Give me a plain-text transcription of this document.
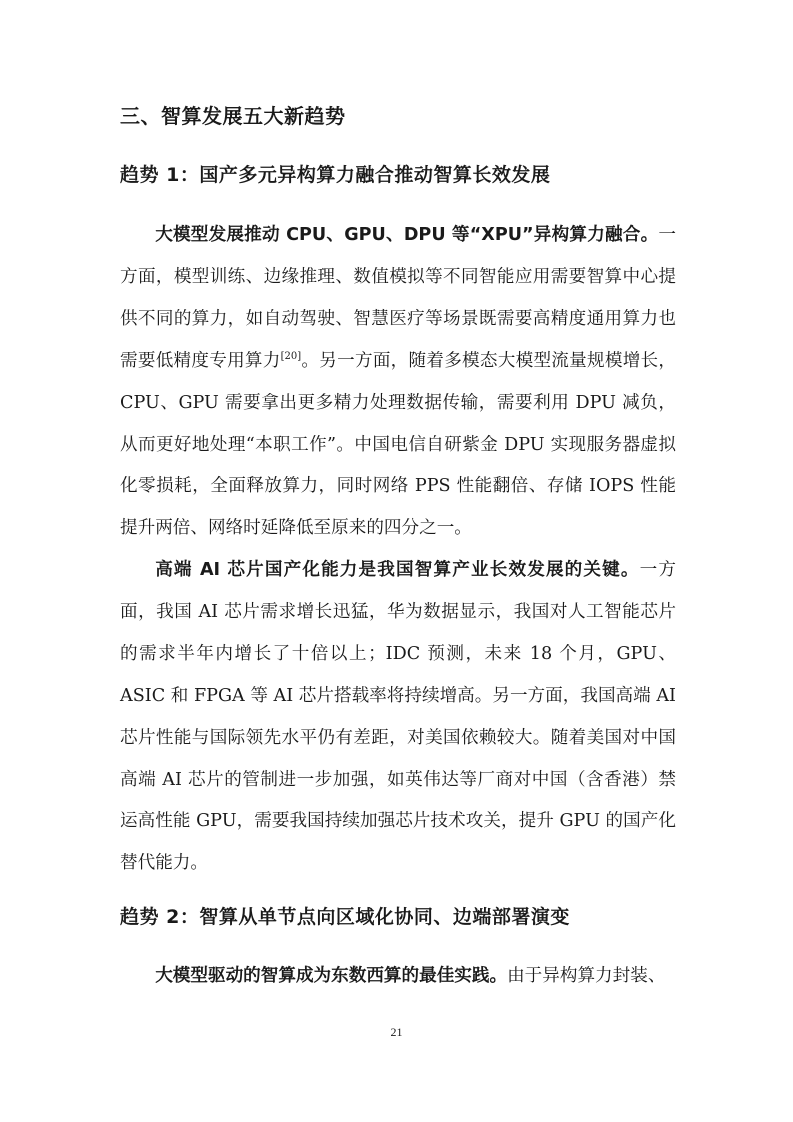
三、智算发展五大新趋势
趋势 1：国产多元异构算力融合推动智算长效发展

大模型发展推动 CPU、GPU、DPU 等“XPU”异构算力融合。一方面，模型训练、边缘推理、数值模拟等不同智能应用需要智算中心提供不同的算力，如自动驾驶、智慧医疗等场景既需要高精度通用算力也需要低精度专用算力[20]。另一方面，随着多模态大模型流量规模增长，CPU、GPU 需要拿出更多精力处理数据传输，需要利用 DPU 减负，从而更好地处理“本职工作”。中国电信自研紫金 DPU 实现服务器虚拟化零损耗，全面释放算力，同时网络 PPS 性能翻倍、存储 IOPS 性能提升两倍、网络时延降低至原来的四分之一。

高端 AI 芯片国产化能力是我国智算产业长效发展的关键。一方面，我国 AI 芯片需求增长迅猛，华为数据显示，我国对人工智能芯片的需求半年内增长了十倍以上；IDC 预测，未来 18 个月，GPU、ASIC 和 FPGA 等 AI 芯片搭载率将持续增高。另一方面，我国高端 AI 芯片性能与国际领先水平仍有差距，对美国依赖较大。随着美国对中国高端 AI 芯片的管制进一步加强，如英伟达等厂商对中国（含香港）禁运高性能 GPU，需要我国持续加强芯片技术攻关，提升 GPU 的国产化替代能力。

趋势 2：智算从单节点向区域化协同、边端部署演变

大模型驱动的智算成为东数西算的最佳实践。由于异构算力封装、

21
